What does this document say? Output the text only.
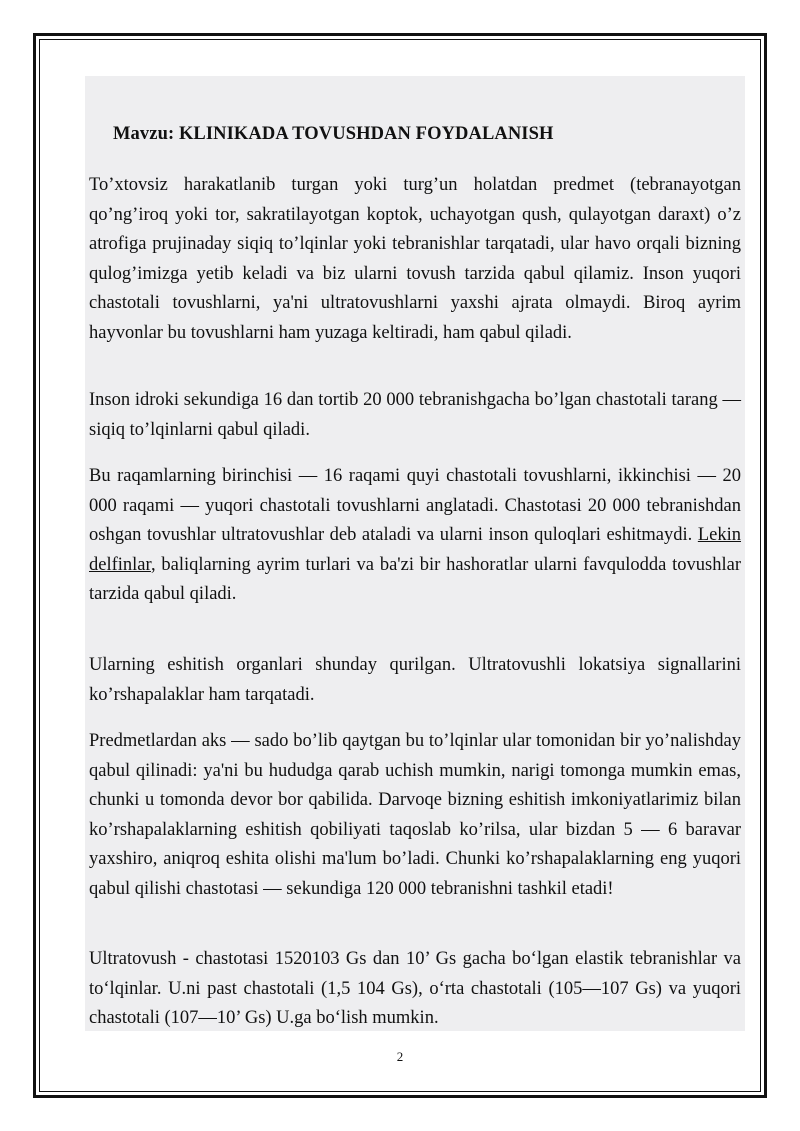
Mavzu: KLINIKADA TOVUSHDAN FOYDALANISH

To’xtovsiz harakatlanib turgan yoki turg’un holatdan predmet (tebranayotgan qo’ng’iroq yoki tor, sakratilayotgan koptok, uchayotgan qush, qulayotgan daraxt) o’z atrofiga prujinaday siqiq to’lqinlar yoki tebranishlar tarqatadi, ular havo orqali bizning qulog’imizga yetib keladi va biz ularni tovush tarzida qabul qilamiz. Inson yuqori chastotali tovushlarni, ya'ni ultratovushlarni yaxshi ajrata olmaydi. Biroq ayrim hayvonlar bu tovushlarni ham yuzaga keltiradi, ham qabul qiladi.

Inson idroki sekundiga 16 dan tortib 20 000 tebranishgacha bo’lgan chastotali tarang —siqiq to’lqinlarni qabul qiladi.

Bu raqamlarning birinchisi — 16 raqami quyi chastotali tovushlarni, ikkinchisi — 20 000 raqami — yuqori chastotali tovushlarni anglatadi. Chastotasi 20 000 tebranishdan oshgan tovushlar ultratovushlar deb ataladi va ularni inson quloqlari eshitmaydi. Lekin delfinlar, baliqlarning ayrim turlari va ba'zi bir hashoratlar ularni favqulodda tovushlar tarzida qabul qiladi.

Ularning eshitish organlari shunday qurilgan. Ultratovushli lokatsiya signallarini ko’rshapalaklar ham tarqatadi.

Predmetlardan aks — sado bo’lib qaytgan bu to’lqinlar ular tomonidan bir yo’nalishday qabul qilinadi: ya'ni bu hududga qarab uchish mumkin, narigi tomonga mumkin emas, chunki u tomonda devor bor qabilida. Darvoqe bizning eshitish imkoniyatlarimiz bilan ko’rshapalaklarning eshitish qobiliyati taqoslab ko’rilsa, ular bizdan 5 — 6 baravar yaxshiro, aniqroq eshita olishi ma'lum bo’ladi. Chunki ko’rshapalaklarning eng yuqori qabul qilishi chastotasi — sekundiga 120 000 tebranishni tashkil etadi!

Ultratovush - chastotasi 1520103 Gs dan 10’ Gs gacha bo‘lgan elastik tebranishlar va to‘lqinlar. U.ni past chastotali (1,5 104 Gs), o‘rta chastotali (105—107 Gs) va yuqori chastotali (107—10’ Gs) U.ga bo‘lish mumkin.

2
